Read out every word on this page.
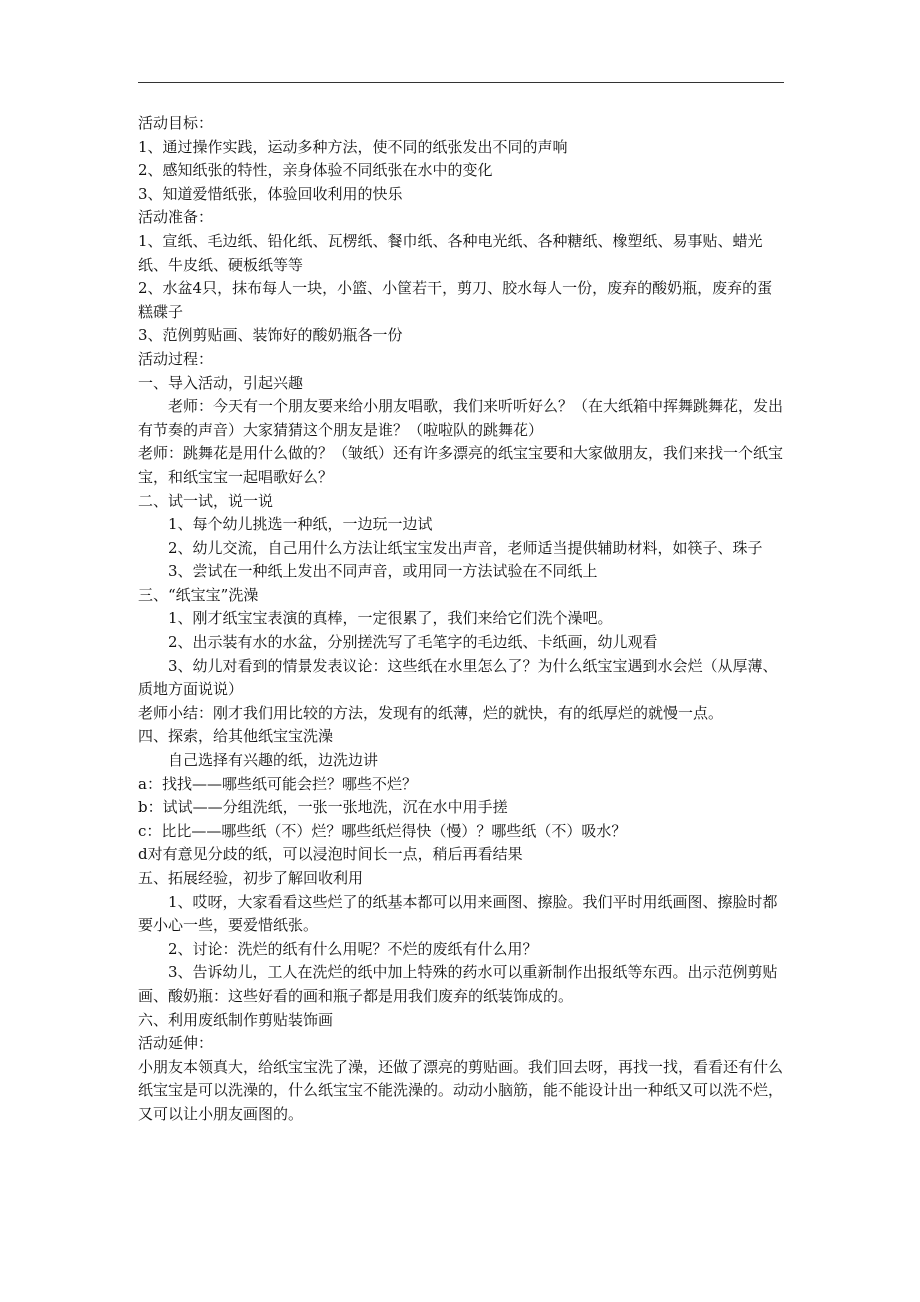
活动目标：

1、通过操作实践，运动多种方法，使不同的纸张发出不同的声响

2、感知纸张的特性，亲身体验不同纸张在水中的变化

3、知道爱惜纸张，体验回收利用的快乐

活动准备：

1、宣纸、毛边纸、铅化纸、瓦楞纸、餐巾纸、各种电光纸、各种糖纸、橡塑纸、易事贴、蜡光纸、牛皮纸、硬板纸等等

2、水盆4只，抹布每人一块，小篮、小筐若干，剪刀、胶水每人一份，废弃的酸奶瓶，废弃的蛋糕碟子

3、范例剪贴画、装饰好的酸奶瓶各一份

活动过程：

一、导入活动，引起兴趣

老师：今天有一个朋友要来给小朋友唱歌，我们来听听好么？（在大纸箱中挥舞跳舞花，发出有节奏的声音）大家猜猜这个朋友是谁？（啦啦队的跳舞花）

老师：跳舞花是用什么做的？（皱纸）还有许多漂亮的纸宝宝要和大家做朋友，我们来找一个纸宝宝，和纸宝宝一起唱歌好么？

二、试一试，说一说

1、每个幼儿挑选一种纸，一边玩一边试

2、幼儿交流，自己用什么方法让纸宝宝发出声音，老师适当提供辅助材料，如筷子、珠子

3、尝试在一种纸上发出不同声音，或用同一方法试验在不同纸上

三、“纸宝宝”洗澡

1、刚才纸宝宝表演的真棒，一定很累了，我们来给它们洗个澡吧。

2、出示装有水的水盆，分别搓洗写了毛笔字的毛边纸、卡纸画，幼儿观看

3、幼儿对看到的情景发表议论：这些纸在水里怎么了？为什么纸宝宝遇到水会烂（从厚薄、质地方面说说）

老师小结：刚才我们用比较的方法，发现有的纸薄，烂的就快，有的纸厚烂的就慢一点。

四、探索，给其他纸宝宝洗澡

自己选择有兴趣的纸，边洗边讲

a：找找——哪些纸可能会拦？哪些不烂？

b：试试——分组洗纸，一张一张地洗，沉在水中用手搓

c：比比——哪些纸（不）烂？哪些纸烂得快（慢）？哪些纸（不）吸水？

d对有意见分歧的纸，可以浸泡时间长一点，稍后再看结果

五、拓展经验，初步了解回收利用

1、哎呀，大家看看这些烂了的纸基本都可以用来画图、擦脸。我们平时用纸画图、擦脸时都要小心一些，要爱惜纸张。

2、讨论：洗烂的纸有什么用呢？不烂的废纸有什么用？

3、告诉幼儿，工人在洗烂的纸中加上特殊的药水可以重新制作出报纸等东西。出示范例剪贴画、酸奶瓶：这些好看的画和瓶子都是用我们废弃的纸装饰成的。

六、利用废纸制作剪贴装饰画

活动延伸：

小朋友本领真大，给纸宝宝洗了澡，还做了漂亮的剪贴画。我们回去呀，再找一找，看看还有什么纸宝宝是可以洗澡的，什么纸宝宝不能洗澡的。动动小脑筋，能不能设计出一种纸又可以洗不烂，又可以让小朋友画图的。
